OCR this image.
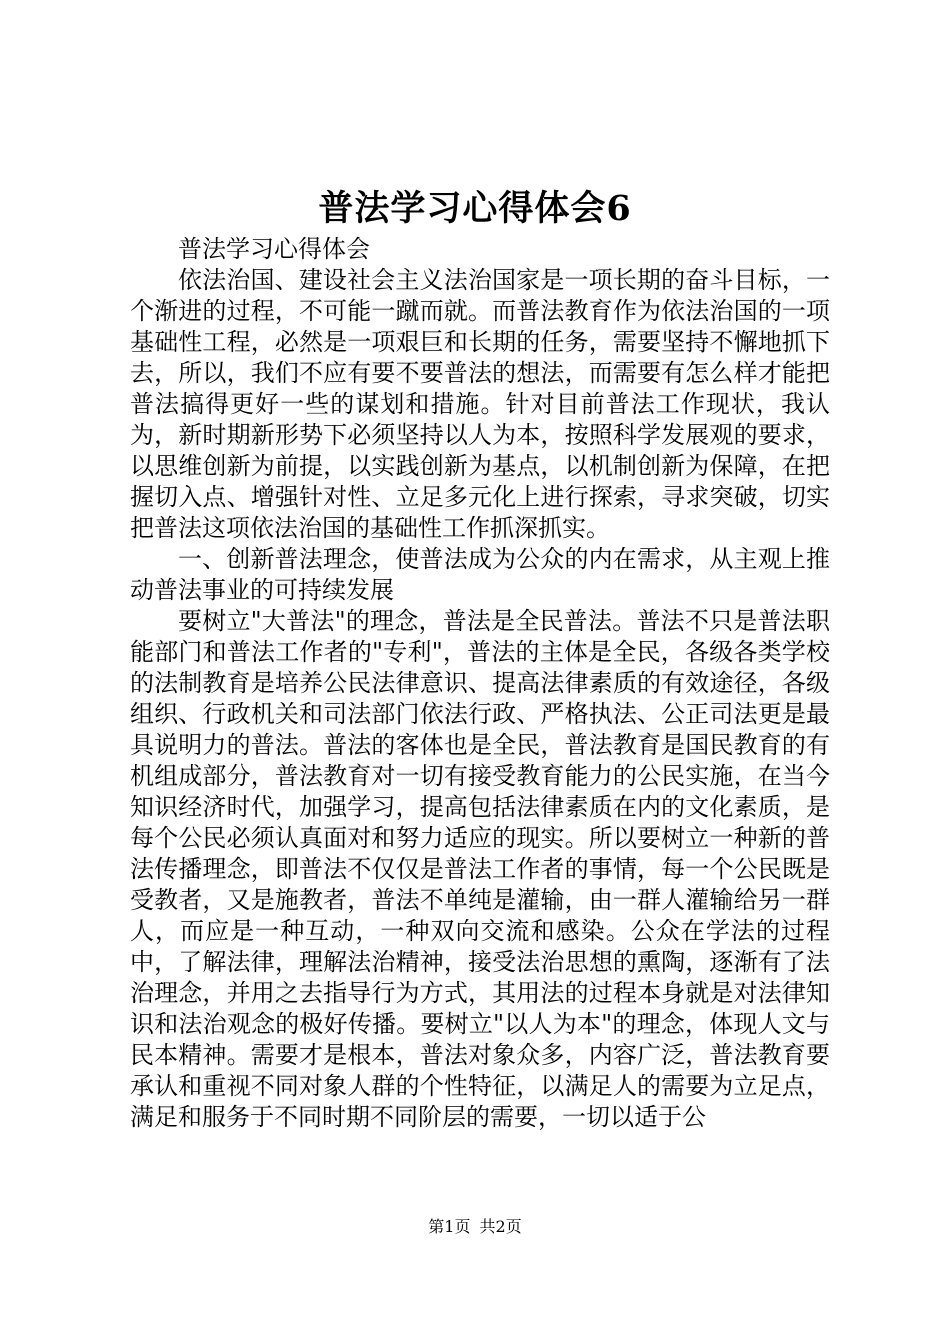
普法学习心得体会6

普法学习心得体会

依法治国、建设社会主义法治国家是一项长期的奋斗目标，一个渐进的过程，不可能一蹴而就。而普法教育作为依法治国的一项基础性工程，必然是一项艰巨和长期的任务，需要坚持不懈地抓下去，所以，我们不应有要不要普法的想法，而需要有怎么样才能把普法搞得更好一些的谋划和措施。针对目前普法工作现状，我认为，新时期新形势下必须坚持以人为本，按照科学发展观的要求，以思维创新为前提，以实践创新为基点，以机制创新为保障，在把握切入点、增强针对性、立足多元化上进行探索，寻求突破，切实把普法这项依法治国的基础性工作抓深抓实。

一、创新普法理念，使普法成为公众的内在需求，从主观上推动普法事业的可持续发展

要树立"大普法"的理念，普法是全民普法。普法不只是普法职能部门和普法工作者的"专利"，普法的主体是全民，各级各类学校的法制教育是培养公民法律意识、提高法律素质的有效途径，各级组织、行政机关和司法部门依法行政、严格执法、公正司法更是最具说明力的普法。普法的客体也是全民，普法教育是国民教育的有机组成部分，普法教育对一切有接受教育能力的公民实施，在当今知识经济时代，加强学习，提高包括法律素质在内的文化素质，是每个公民必须认真面对和努力适应的现实。所以要树立一种新的普法传播理念，即普法不仅仅是普法工作者的事情，每一个公民既是受教者，又是施教者，普法不单纯是灌输，由一群人灌输给另一群人，而应是一种互动，一种双向交流和感染。公众在学法的过程中，了解法律，理解法治精神，接受法治思想的熏陶，逐渐有了法治理念，并用之去指导行为方式，其用法的过程本身就是对法律知识和法治观念的极好传播。要树立"以人为本"的理念，体现人文与民本精神。需要才是根本，普法对象众多，内容广泛，普法教育要承认和重视不同对象人群的个性特征，以满足人的需要为立足点，满足和服务于不同时期不同阶层的需要，一切以适于公

第1页 共2页
